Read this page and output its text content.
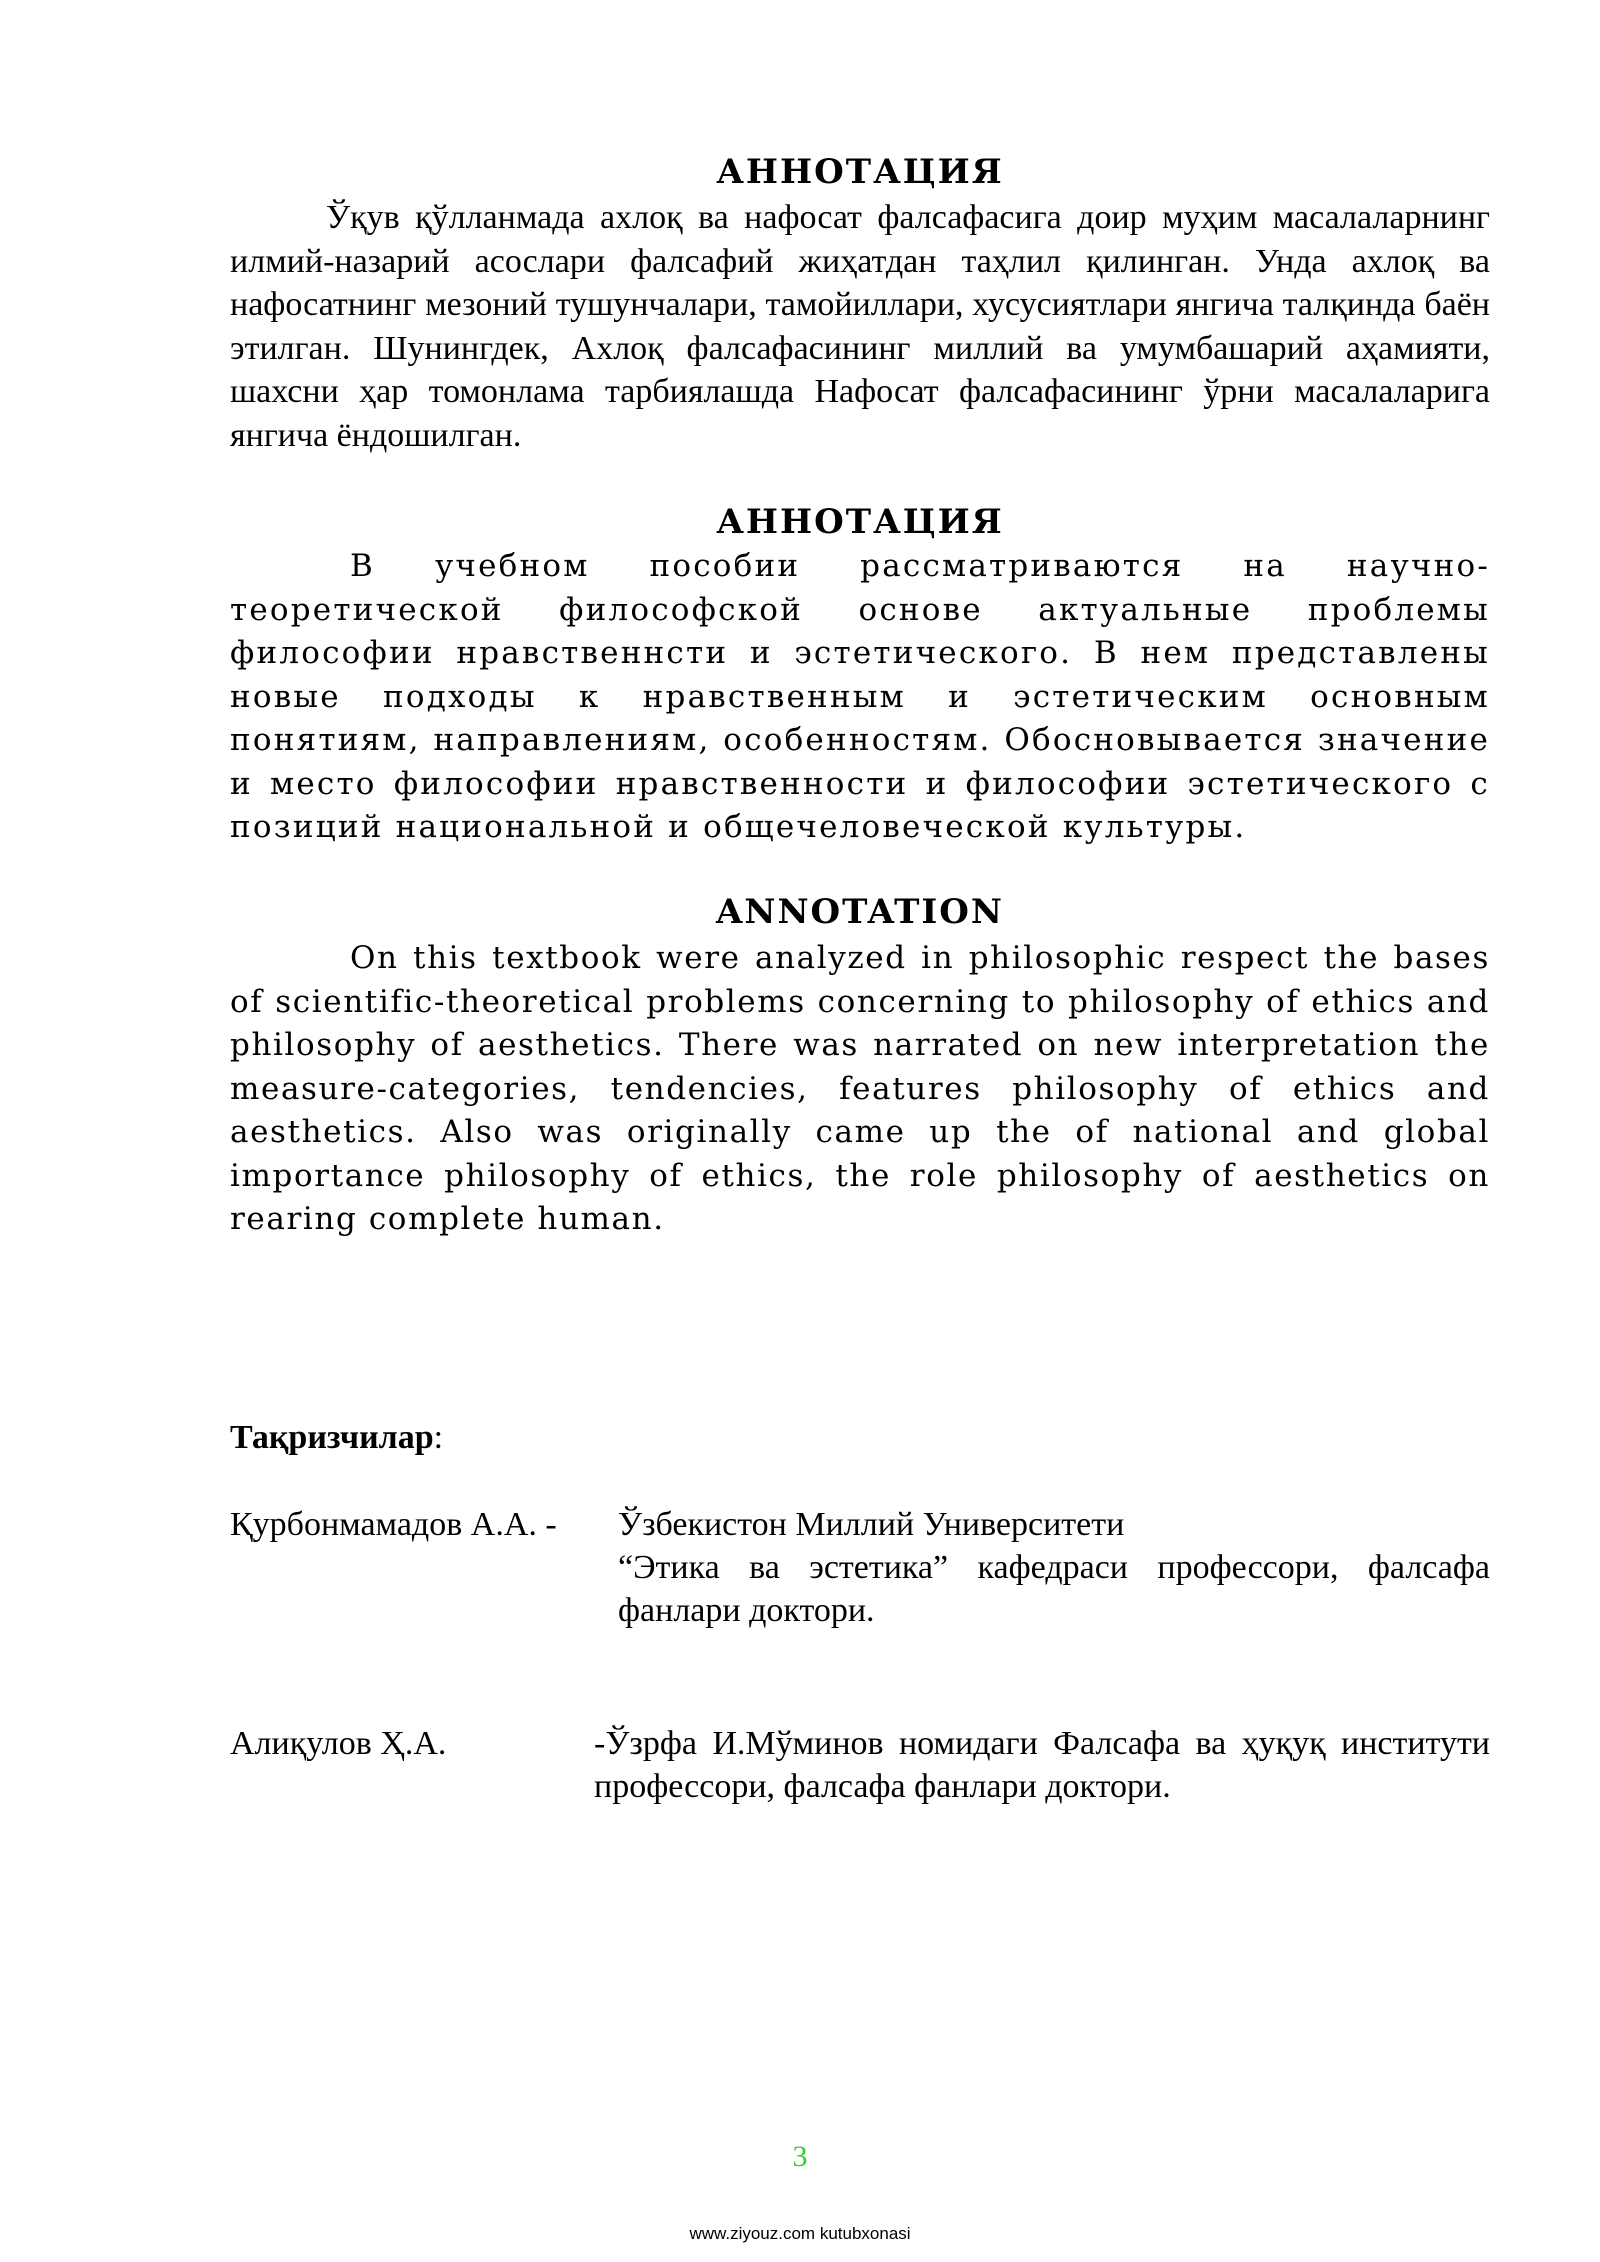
АННОТАЦИЯ

Ўқув қўлланмада ахлоқ ва нафосат фалсафасига доир муҳим масалаларнинг илмий-назарий асослари фалсафий жиҳатдан таҳлил қилинган. Унда ахлоқ ва нафосатнинг мезоний тушунчалари, тамойиллари, хусусиятлари янгича талқинда баён этилган. Шунингдек, Ахлоқ фалсафасининг миллий ва умумбашарий аҳамияти, шахсни ҳар томонлама тарбиялашда Нафосат фалсафасининг ўрни масалаларига янгича ёндошилган.

АННОТАЦИЯ

В учебном пособии рассматриваются на научно-теоретической философской основе актуальные проблемы философии нравственнсти и эстетического. В нем представлены новые подходы к нравственным и эстетическим основным понятиям, направлениям, особенностям. Обосновывается значение и место философии нравственности и философии эстетического с позиций национальной и общечеловеческой культуры.

ANNOTATION

On this textbook were analyzed in philosophic respect the bases of scientific-theoretical problems concerning to philosophy of ethics and philosophy of aesthetics. There was narrated on new interpretation the measure-categories, tendencies, features philosophy of ethics and aesthetics. Also was originally came up the of national and global importance philosophy of ethics, the role philosophy of aesthetics on rearing complete human.

Тақризчилар:
Қурбонмамадов А.А. - Ўзбекистон Миллий Университети
“Этика ва эстетика” кафедраси профессори, фалсафа фанлари доктори.
Алиқулов Ҳ.А.	-Ўзрфа И.Мўминов номидаги Фалсафа ва ҳуқуқ институти профессори, фалсафа фанлари доктори.
3
www.ziyouz.com kutubxonasi
